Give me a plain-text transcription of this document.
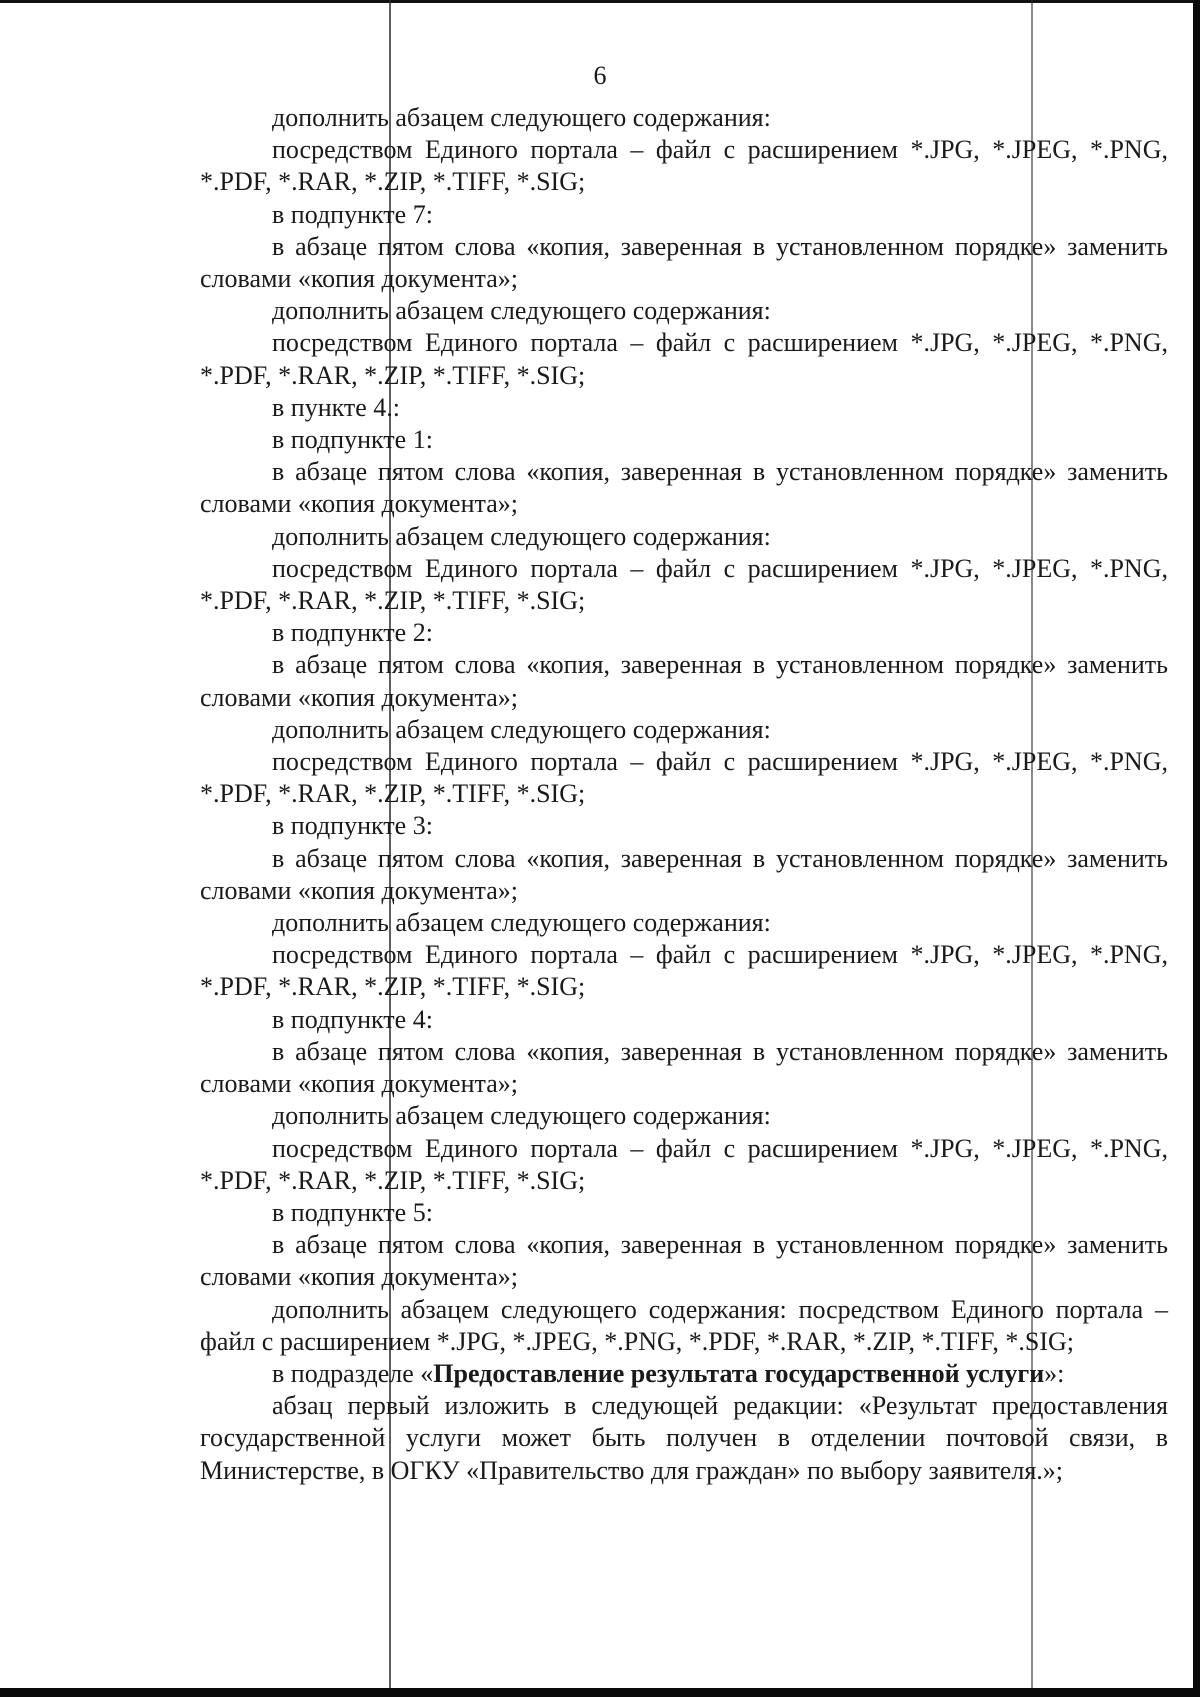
6

дополнить абзацем следующего содержания:

посредством Единого портала – файл с расширением *.JPG, *.JPEG, *.PNG, *.PDF, *.RAR, *.ZIP, *.TIFF, *.SIG;

в подпункте 7:

в абзаце пятом слова «копия, заверенная в установленном порядке» заменить словами «копия документа»;

дополнить абзацем следующего содержания:

посредством Единого портала – файл с расширением *.JPG, *.JPEG, *.PNG, *.PDF, *.RAR, *.ZIP, *.TIFF, *.SIG;

в пункте 4.:

в подпункте 1:

в абзаце пятом слова «копия, заверенная в установленном порядке» заменить словами «копия документа»;

дополнить абзацем следующего содержания:

посредством Единого портала – файл с расширением *.JPG, *.JPEG, *.PNG, *.PDF, *.RAR, *.ZIP, *.TIFF, *.SIG;

в подпункте 2:

в абзаце пятом слова «копия, заверенная в установленном порядке» заменить словами «копия документа»;

дополнить абзацем следующего содержания:

посредством Единого портала – файл с расширением *.JPG, *.JPEG, *.PNG, *.PDF, *.RAR, *.ZIP, *.TIFF, *.SIG;

в подпункте 3:

в абзаце пятом слова «копия, заверенная в установленном порядке» заменить словами «копия документа»;

дополнить абзацем следующего содержания:

посредством Единого портала – файл с расширением *.JPG, *.JPEG, *.PNG, *.PDF, *.RAR, *.ZIP, *.TIFF, *.SIG;

в подпункте 4:

в абзаце пятом слова «копия, заверенная в установленном порядке» заменить словами «копия документа»;

дополнить абзацем следующего содержания:

посредством Единого портала – файл с расширением *.JPG, *.JPEG, *.PNG, *.PDF, *.RAR, *.ZIP, *.TIFF, *.SIG;

в подпункте 5:

в абзаце пятом слова «копия, заверенная в установленном порядке» заменить словами «копия документа»;

дополнить абзацем следующего содержания: посредством Единого портала – файл с расширением *.JPG, *.JPEG, *.PNG, *.PDF, *.RAR, *.ZIP, *.TIFF, *.SIG;

в подразделе «Предоставление результата государственной услуги»:

абзац первый изложить в следующей редакции: «Результат предоставления государственной услуги может быть получен в отделении почтовой связи, в Министерстве, в ОГКУ «Правительство для граждан» по выбору заявителя.»;
